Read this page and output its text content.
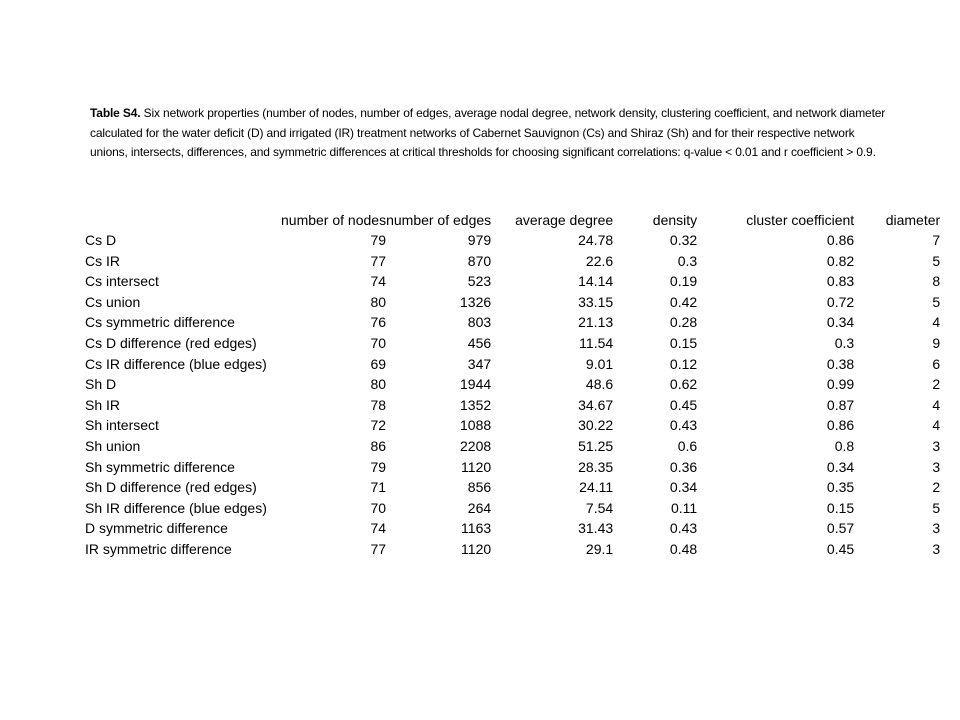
Table S4. Six network properties (number of nodes, number of edges, average nodal degree, network density, clustering coefficient, and network diameter calculated for the water deficit (D) and irrigated (IR) treatment networks of Cabernet Sauvignon (Cs) and Shiraz (Sh) and for their respective network unions, intersects, differences, and symmetric differences at critical thresholds for choosing significant correlations: q-value < 0.01 and r coefficient > 0.9.
	number of nodes	number of edges	average degree	density	cluster coefficient	diameter
Cs D	79	979	24.78	0.32	0.86	7
Cs IR	77	870	22.6	0.3	0.82	5
Cs intersect	74	523	14.14	0.19	0.83	8
Cs union	80	1326	33.15	0.42	0.72	5
Cs symmetric difference	76	803	21.13	0.28	0.34	4
Cs D difference (red edges)	70	456	11.54	0.15	0.3	9
Cs IR difference (blue edges)	69	347	9.01	0.12	0.38	6
Sh D	80	1944	48.6	0.62	0.99	2
Sh IR	78	1352	34.67	0.45	0.87	4
Sh intersect	72	1088	30.22	0.43	0.86	4
Sh union	86	2208	51.25	0.6	0.8	3
Sh symmetric difference	79	1120	28.35	0.36	0.34	3
Sh D difference (red edges)	71	856	24.11	0.34	0.35	2
Sh IR difference (blue edges)	70	264	7.54	0.11	0.15	5
D symmetric difference	74	1163	31.43	0.43	0.57	3
IR symmetric difference	77	1120	29.1	0.48	0.45	3
